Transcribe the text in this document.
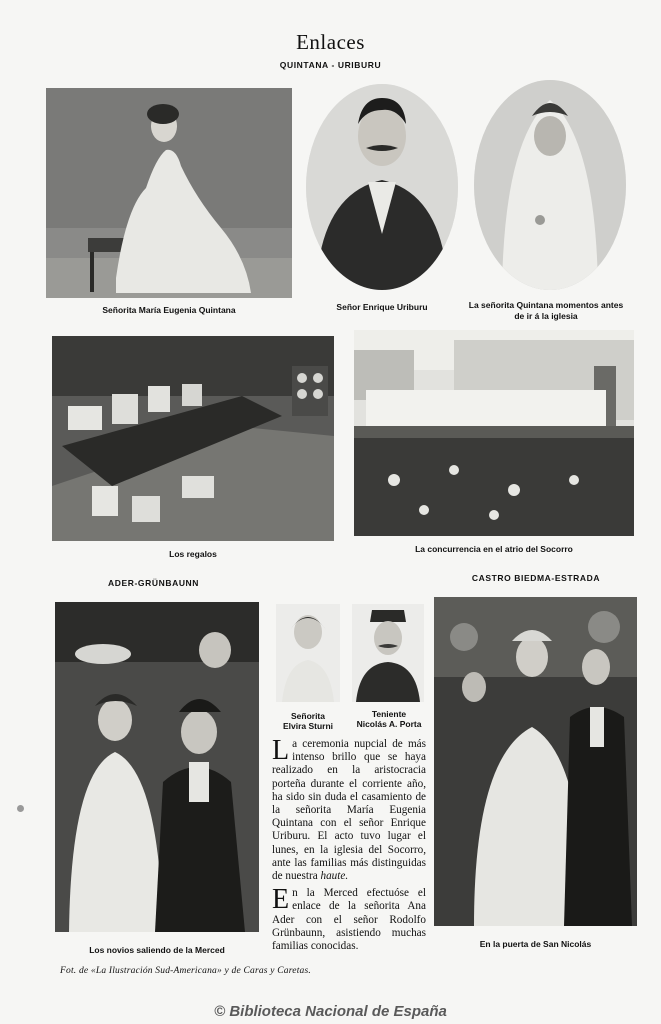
Enlaces
QUINTANA - URIBURU
Señorita María Eugenia Quintana	Señor Enrique Uriburu	La señorita Quintana momentos antes
de ir á la iglesia
Los regalos	La concurrencia en el atrio del Socorro
ADER-GRÜNBAUNN	CASTRO BIEDMA-ESTRADA
Señorita
Elvira Sturni
Teniente
Nicolás A. Porta

La ceremonia nupcial de más intenso brillo que se haya realizado en la aristocracia porteña durante el corriente año, ha sido sin duda el casamiento de la señorita María Eugenia Quintana con el señor Enrique Uriburu. El acto tuvo lugar el lunes, en la iglesia del Socorro, ante las familias más distinguidas de nuestra haute.

En la Merced efectuóse el enlace de la señorita Ana Ader con el señor Rodolfo Grünbaunn, asistiendo muchas familias conocidas.

Los novios saliendo de la Merced
En la puerta de San Nicolás
Fot. de «La Ilustración Sud-Americana» y de Caras y Caretas.
© Biblioteca Nacional de España
